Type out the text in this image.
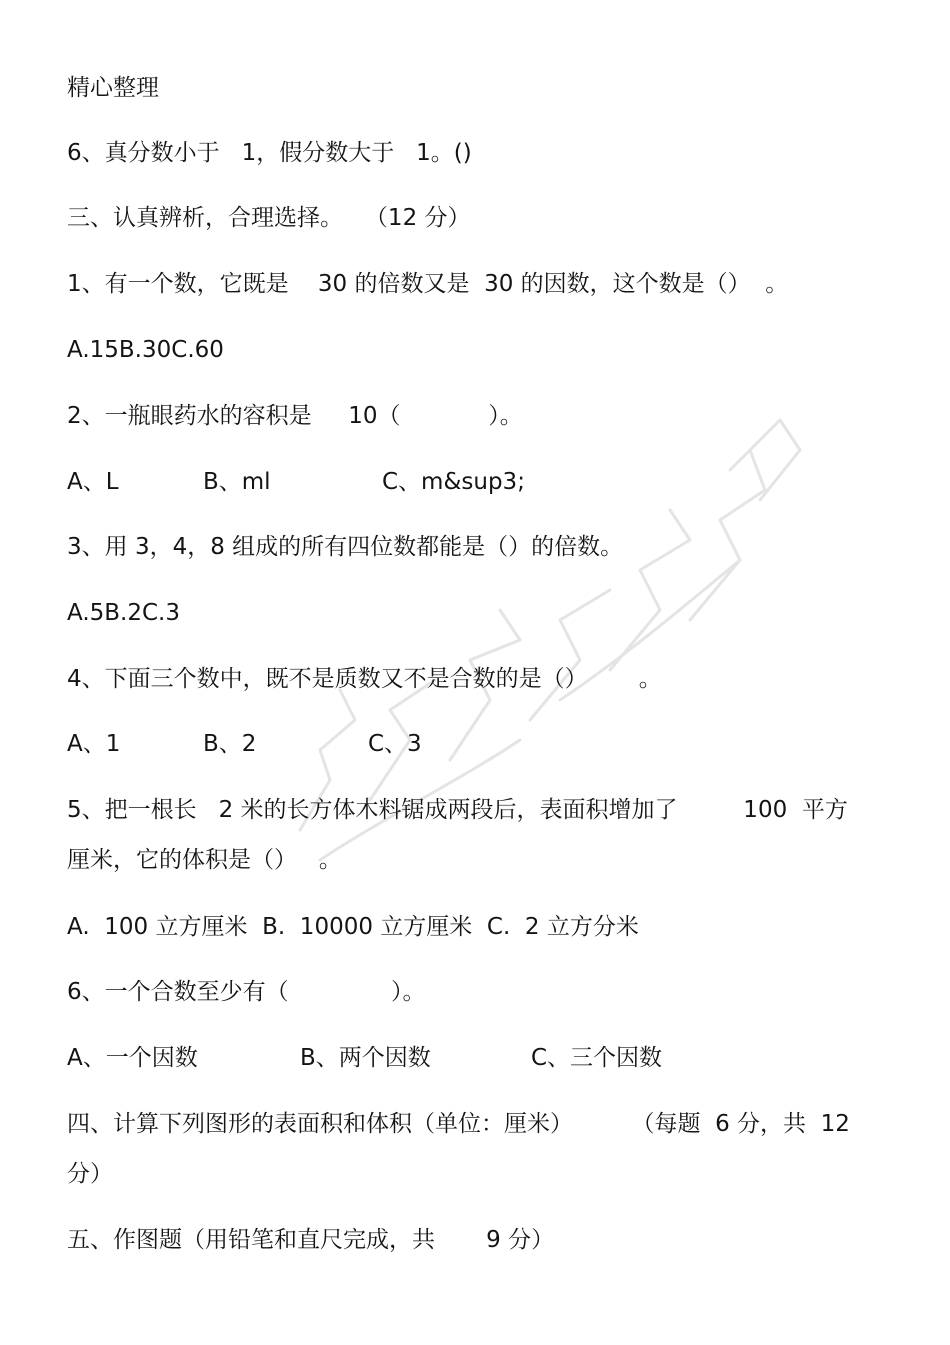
精心整理
6、真分数小于   1，假分数大于   1。()
三、认真辨析，合理选择。   （12 分）
1、有一个数，它既是    30 的倍数又是  30 的因数，这个数是（）  。
A.15B.30C.60
2、一瓶眼药水的容积是     10（            ）。
A、L	B、ml	C、m&sup3;
3、用 3，4，8 组成的所有四位数都能是（）的倍数。
A.5B.2C.3
4、下面三个数中，既不是质数又不是合数的是（）       。
A、1	B、2	C、3
5、把一根长   2 米的长方体木料锯成两段后，表面积增加了         100  平方
厘米，它的体积是（）   。
A.  100 立方厘米  B.  10000 立方厘米  C.  2 立方分米
6、一个合数至少有（              ）。
A、一个因数	B、两个因数	C、三个因数
四、计算下列图形的表面积和体积（单位：厘米）        （每题  6 分，共  12
分）
五、作图题（用铅笔和直尺完成，共       9 分）
